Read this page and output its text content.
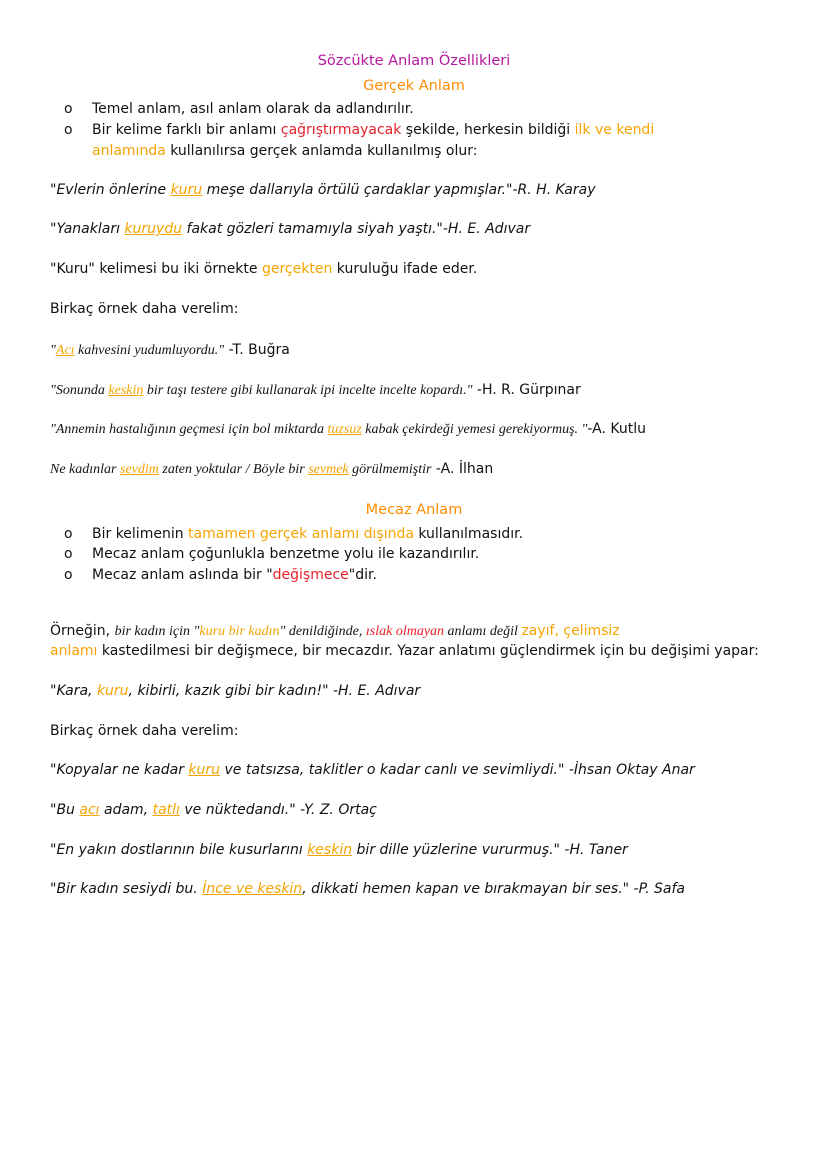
Sözcükte Anlam Özellikleri
Gerçek Anlam
o Temel anlam, asıl anlam olarak da adlandırılır.
o Bir kelime farklı bir anlamı çağrıştırmayacak şekilde, herkesin bildiği ilk ve kendi
anlamında kullanılırsa gerçek anlamda kullanılmış olur:
"Evlerin önlerine kuru meşe dallarıyla örtülü çardaklar yapmışlar."-R. H. Karay
"Yanakları kuruydu fakat gözleri tamamıyla siyah yaştı."-H. E. Adıvar
"Kuru" kelimesi bu iki örnekte gerçekten kuruluğu ifade eder.
Birkaç örnek daha verelim:
"Acı kahvesini yudumluyordu." -T. Buğra
"Sonunda keskin bir taşı testere gibi kullanarak ipi incelte incelte kopardı." -H. R. Gürpınar
"Annemin hastalığının geçmesi için bol miktarda tuzsuz kabak çekirdeği yemesi gerekiyormuş. "-A. Kutlu
Ne kadınlar sevdim zaten yoktular / Böyle bir sevmek görülmemiştir -A. İlhan
Mecaz Anlam
o Bir kelimenin tamamen gerçek anlamı dışında kullanılmasıdır.
o Mecaz anlam çoğunlukla benzetme yolu ile kazandırılır.
o Mecaz anlam aslında bir "değişmece"dir.
Örneğin, bir kadın için "kuru bir kadın" denildiğinde, ıslak olmayan anlamı değil zayıf, çelimsiz
anlamı kastedilmesi bir değişmece, bir mecazdır. Yazar anlatımı güçlendirmek için bu değişimi yapar:
"Kara, kuru, kibirli, kazık gibi bir kadın!" -H. E. Adıvar
Birkaç örnek daha verelim:
"Kopyalar ne kadar kuru ve tatsızsa, taklitler o kadar canlı ve sevimliydi." -İhsan Oktay Anar
"Bu acı adam, tatlı ve nüktedandı." -Y. Z. Ortaç
"En yakın dostlarının bile kusurlarını keskin bir dille yüzlerine vururmuş." -H. Taner
"Bir kadın sesiydi bu. İnce ve keskin, dikkati hemen kapan ve bırakmayan bir ses." -P. Safa
